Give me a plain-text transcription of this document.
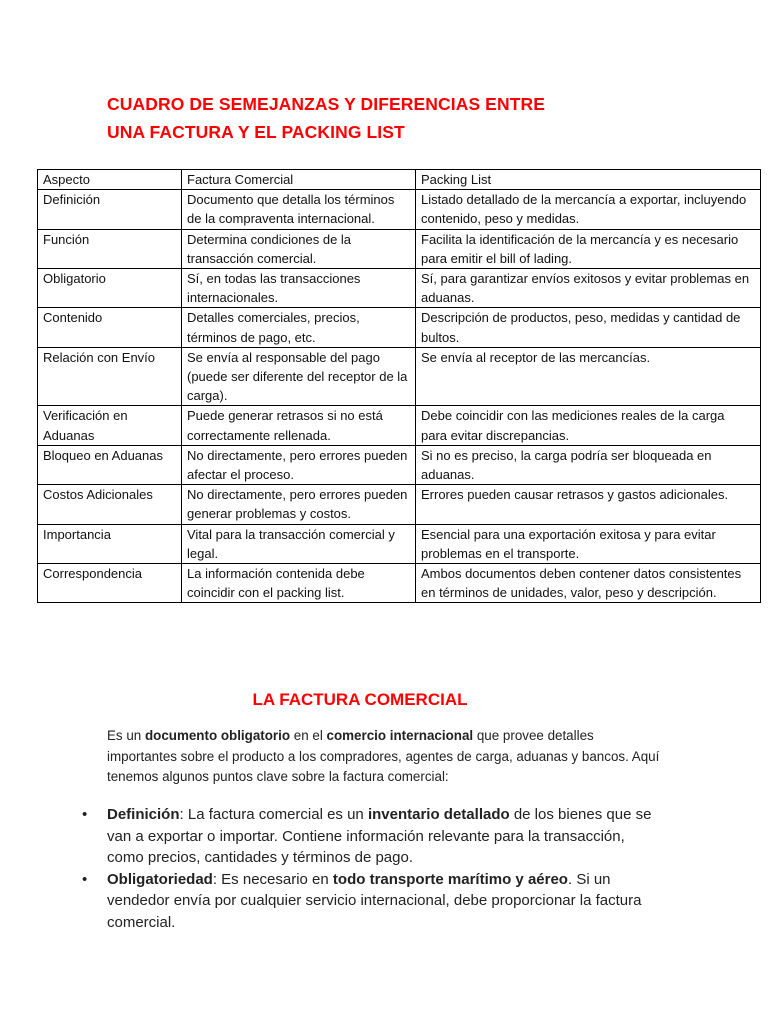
CUADRO DE SEMEJANZAS Y DIFERENCIAS ENTRE
UNA FACTURA Y EL PACKING LIST
Aspecto	Factura Comercial	Packing List
Definición	Documento que detalla los términos de la compraventa internacional.	Listado detallado de la mercancía a exportar, incluyendo contenido, peso y medidas.
Función	Determina condiciones de la transacción comercial.	Facilita la identificación de la mercancía y es necesario para emitir el bill of lading.
Obligatorio	Sí, en todas las transacciones internacionales.	Sí, para garantizar envíos exitosos y evitar problemas en aduanas.
Contenido	Detalles comerciales, precios, términos de pago, etc.	Descripción de productos, peso, medidas y cantidad de bultos.
Relación con Envío	Se envía al responsable del pago (puede ser diferente del receptor de la carga).	Se envía al receptor de las mercancías.
Verificación en Aduanas	Puede generar retrasos si no está correctamente rellenada.	Debe coincidir con las mediciones reales de la carga para evitar discrepancias.
Bloqueo en Aduanas	No directamente, pero errores pueden afectar el proceso.	Si no es preciso, la carga podría ser bloqueada en aduanas.
Costos Adicionales	No directamente, pero errores pueden generar problemas y costos.	Errores pueden causar retrasos y gastos adicionales.
Importancia	Vital para la transacción comercial y legal.	Esencial para una exportación exitosa y para evitar problemas en el transporte.
Correspondencia	La información contenida debe coincidir con el packing list.	Ambos documentos deben contener datos consistentes en términos de unidades, valor, peso y descripción.
LA FACTURA COMERCIAL

Es un documento obligatorio en el comercio internacional que provee detalles importantes sobre el producto a los compradores, agentes de carga, aduanas y bancos. Aquí tenemos algunos puntos clave sobre la factura comercial:

• Definición: La factura comercial es un inventario detallado de los bienes que se van a exportar o importar. Contiene información relevante para la transacción, como precios, cantidades y términos de pago.
• Obligatoriedad: Es necesario en todo transporte marítimo y aéreo. Si un vendedor envía por cualquier servicio internacional, debe proporcionar la factura comercial.
